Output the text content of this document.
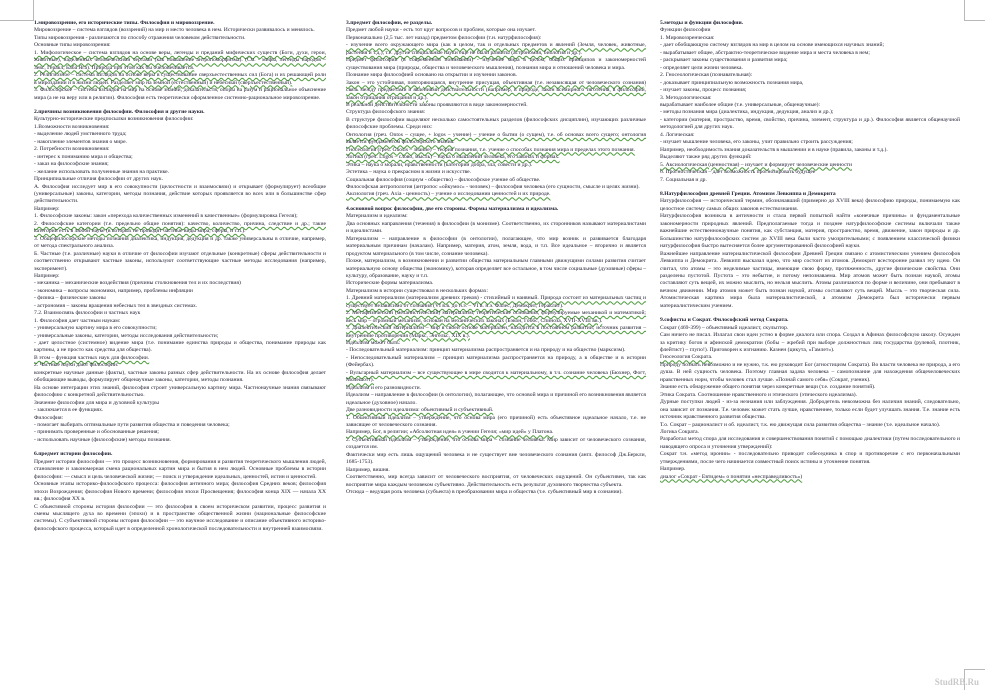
1.мировоззрение, его исторические типы. Философия и мировоззрение.

Мировоззрение – система взглядов (воззрений) на мир и место человека в нем. Исторически развивалось и менялось.

Типы мировоззрения - различаются по способу отражения человеком действительности.

Основные типы мировоззрения:

1. Мифологическое – система взглядов на основе веры, легенды и преданий мифических существ (Боги, духи, герои, животные), наделенных человеческими чертами (как повышение антропоморфизма). (См. - мифы, легенды народов – Зевс, Геракл, Баба Яга). Природа при этом как бы очеловечивается.

2. Религиозное – система взглядов на основе веры в существование сверхъестественных сил (Бога) и их решающей роли в мироздании и в жизни людей. Разделяет мир на земной (естественный) и небесный (сверхъестественный).

3. Философское – система взглядов на мир на основе знаний, доказательств, опоры на разум и рациональное объяснение мира (а не на веру или в религии). Философия есть теоретически оформленное системно-рациональное мировоззрение.

2.причины возникновения философии. Философия и другие науки.

Культурно-исторические предпосылки возникновения философии:

1.Возможности возникновения:

- выделение людей умственного труда;

- накопление элементов знания о мире.

2. Потребности возникновения:

- интерес к пониманию мира и общества;

- заказ на философские знания;

- желание использовать полученные знания на практике.

Принципиальные отличия философии от других наук.

А. Философия исследует мир в его совокупности (целостности и взаимосвязи) и открывает (формулирует) всеобщие (универсальные) законы, категории, методы познания, действие которых проявляется во всех или в большинстве сфер действительности.

Например:

1. Философские законы: закон «перехода количественных изменений в качественные» (формулировка Гегеля);

2. Философские категории (т.е. предельно общие понятия): качество, количество, причина, следствие и др.; такие категории есть в любой науке (в которых не проводят частные виды мира, сферы, и т.п.).

3. Общефилософские методы познания диалектика, индукция, дедукция и др. также универсальны в отличие, например, от метода спектрального анализа.

Б. Частные (т.е. различные) науки в отличие от философии изучают отдельные (конкретные) сферы действительности и соответственно открывают частные законы, используют соответствующие частные методы исследования (например, эксперимент).

Например:

- механика – механические воздействия (причины столкновения тел и их последствия)

- экономика – вопросы экономики, например, проблемы инфляции

- физика – физические законы

- астрономия – законы вращения небесных тел в звездных системах.

7.2. Взаимосвязь философии и частных наук

1. Философия дает частным наукам:

- универсальную картину мира в его совокупности;

- универсальные законы, категории, методы исследования действительности;

- дает целостное (системное) видение мира (т.е. понимание единства природы и общества, понимание природы как картины, а не просто как средства для общества).

В этом – функция частных наук для философии.

2. Частные науки дают философии:

конкретные научные данные (факты), частные законы разных сфер действительности. На их основе философия делает обобщающие выводы, формулирует общенаучные законы, категории, методы познания.

На основе интеграции этих знаний, философия строит универсальную картину мира. Частнонаучные знания связывают философию с конкретной действительностью.

Значение философии для мира и духовной культуры

- заключается в ее функциях.

Философия:

- помогает выбирать оптимальные пути развития общества и поведения человека;

- принимать проверенные и обоснованные решения;

- использовать научные (философские) методы познания.

6.предмет истории философии.

Предмет истории философии — это процесс возникновения, формирования и развития теоретического мышления людей, становление и закономерная смена рациональных картин мира и бытия в нем людей. Основные проблемы в истории философии: — смысл и цель человеческой жизни; — поиск и утверждение идеальных, ценностей, истин и ценностей.

Основные этапы историко-философского процесса: философия античного мира; философия Средних веков; философия эпохи Возрождения; философия Нового времени; философия эпохи Просвещения; философия конца XIX — начала XX вв.; философия XX в.

С объективной стороны история философии — это философия в своем историческом развитии, процесс развития и смены мыслящего духа во времени (эпохи) и в пространстве общественной жизни (национальные философские системы). С субъективной стороны история философии — это научное исследование и описание объективного историко-философского процесса, который идет в определенной хронологической последовательности и внутренней взаимосвязи.

3.предмет философии, ее разделы.

Предмет любой науки - есть тот круг вопросов и проблем, которые она изучает.

Первоначально (2,5 тыс. лет назад) предметом философии (т.н. натурфилософия):

- изучение всего окружающего мира (как в целом, так и отдельных предметов и явлений (Земля, человек, животные, растения и т.д.), т.е. другие специальные науки еще не были развиты (астрономия, биология и др.).

Предмет философии (в современном понимании) - изучение мира в целом, общих принципов и закономерностей существования мира (природы, общества и человеческого мышления), познания мира и отношений человека и мира.

Познание мира философией основано на открытии и изучении законов.

Закон – это устойчивая, повторяющаяся, внутренне присущая, объективная (т.е. независящая от человеческого сознания) связь между предметами и явлениями действительности (например, в природе, закон всемирного тяготения, в философии, закон отрицания отрицания и др.).

В реальной действительности законы проявляются в виде закономерностей.

Структура философского знания:

В структуре философии выделяют несколько самостоятельных разделов (философских дисциплин), изучающих различные философские проблемы. Среди них:

Онтология (греч. Ontos – сущее, + logos – учение) – учение о бытии (о сущем), т.е. об основах всего сущего; онтология является фундаментом философского знания.

Гносеология (греч. Gnosis – знание) – теория познания, т.е. учение о способах познания мира и пределах этого познания.

Логика (греч. Logos – слово, мысль) – наука о мышлении человека, его законах и формах.

Этика – наука о морали, нравственности (категории добра, зла, совести и др.).

Эстетика – наука о прекрасном в жизни и искусстве.

Социальная философия (социум - общество) – философское учение об обществе.

Философская антропология (антропос «ойкумос» - человек) – философия человека (его сущности, смысле и целях жизни).

Аксиология (греч. Axia - ценность) – учение о исследовании ценностей и их природе.

4.основной вопрос философии, две его стороны. Формы материализма и идеализма.

Материализм и идеализм:

Два основных направления (течения) в философии (в монизме). Соответственно, их сторонников называют материалистами и идеалистами.

Материализм – направление в философии (в онтологии), полагающее, что мир возник и развивается благодаря материальным причинам (началам). Например, материя, атом, земля, вода, и т.п. Все идеальное – вторично и является продуктом материального (в том числе, сознание человека).

Позже, материализм, в возникновении и развитии общества материальным главными движущими силами развития считает материальную основу общества (экономику), которая определяет все остальное, в том числе социальные (духовные) сферы – культуру, образование, науку и т.п.

Исторические формы материализма.

Материализм в истории существовал в нескольких формах:

1. Древний материализм (материализм древних греков) - стихийный и наивный. Природа состоит из материальных частиц и существует независимо от сознания (VI в.в. до н.э. – VI в. н.э. Фалес, Демокрит, Гераклит).

2. Метафизический (механистический) материализм; теоретические основания, формулируемые механикой и математикой; весь мир – огромный механизм, основан на механических законах (Бэкон, Гоббс, Спиноза, XVII-XVIII вв.).

3. Диалектический материализм – мир в своей основе материален, находится в постоянном развитии; источник развития – внутренние противоречия (Маркс, Энгельс, XIX в.).

Идеализм может быть:

- Последовательный материализм: принцип материализма распространяется и на природу и на общество (марксизм).

- Непоследовательный материализм – принцип материализма распространяется на природу, а в обществе и в истории (Фейербах).

- Вульгарный материализм – все существующее в мире сводится к материальному, в т.ч. сознание человека (Бюхнер, Фогт, Молешотт).

Идеализм и его разновидности.

Идеализм – направление в философии (в онтологии), полагающее, что основой мира и причиной его возникновения является идеальное (духовное) начало.

Две разновидности идеализма: объективный и субъективный.

1. Объективный идеализм – утверждение, что основа мира (его причиной) есть объективное идеальное начало, т.е. не зависящее от человеческого сознания.

Например, Бог, в религии; «Абсолютная идея» в учении Гегеля; «мир идей» у Платона.

2. Субъективный идеализм – утверждение, что основа мира – сознание человека. Мир зависит от человеческого сознания, создается им.

Фактически мир есть лишь ощущений человека и не существует вне человеческого сознания (англ. философ Дж.Беркли, 1685-1753).

Например, вишня.

Соответственно, мир всегда зависит от человеческого восприятия, от человеческих ощущений. Он субъективен, так как восприятие мира каждым человеком субъективно. Действительность есть результат духовного творчества субъекта.

Отсюда – ведущая роль человека (субъекта) в преобразовании мира и общества (т.е. субъективный мир в сознании).

5.методы и функции философии.

Функции философии

1. Мировоззренческая:

- дает обобщающую систему взглядов на мир в целом на основе имеющихся научных знаний;

- вырабатывает общее, абстрактно-теоретическое видение мира и места человека в нем;

- раскрывает законы существования и развития мира;

- определяет цели жизни человека.

2. Гносеологическая (познавательная):

- доказывает принципиальную возможность познания мира,

- изучает законы, процесс познания;

3. Методологическая:

вырабатывает наиболее общие (т.е. универсальные, общенаучные):

- методы познания мира (диалектика, индукция, дедукция, анализ и др.);

- категории (материя, простраство, время, свойство, причина, элемент, структура и др.). Философия является общенаучной методологией для других наук.

4. Логическая:

- изучает мышление человека, его законы, учит правильно строить рассуждения;

Например, необходимость знания доказательств в мышлении и в науке (правила, законы и т.д.).

Выделяют также ряд других функций:

5. Аксиологическая (ценностная) – изучает и формирует человеческие ценности

6. Прогностическая – дает возможность прогнозировать будущее

7. Социальная и др.

8.Натурфилософия древней Греции. Атомизм Левкиппа и Демокрита

Натурфилософия — исторический термин, обозначавший (примерно до XVIII века) философию природы, понимаемую как целостное систему самых общих законов естествознания.

Натурфилософия возникла в античности и стала первой попыткой найти «конечные причины» и фундаментальные закономерности природных явлений. Предполагаемые тогда и позднее натурфилософские системы включали также важнейшие естественнонаучные понятия, как субстанция, материя, пространство, время, движение, закон природы и др. Большинство натурфилософских систем до XVIII века были часто умозрительными; с появлением классической физики натурфилософия быстро вытесняется более аргументированной философией науки.

Важнейшее направление материалистической философии Древней Греции связано с атомистическим учением философов Левкиппа и Демокрита. Левкипп высказал идею, что мир состоит из атомов. Демокрит всесторонне развил эту идею. Он считал, что атомы – это неделимые частицы, имеющие свою форму, протяженность, другие физические свойства. Они разделены пустотой. Пустота – это небытие, и потому непознаваема. Мир атомов может быть познан наукой, атомы составляют суть вещей, их можно мыслить, но нельзя мыслить. Атомы различаются по форме и величине, они пребывают в вечном движении. Мир атомов может быть познан наукой, атомы составляют суть вещей. Мысль – это творческая сила. Атомистическая картина мира была материалистической, а атомизм Демокрита был исторически первым материалистическим учением.

9.софисты и Сократ. Философский метод Сократа.

Сократ (469-399) – объективный идеалист, скульптор.

Сам ничего не писал. Излагал свои идеи устно в форме диалога или спора. Создал в Афинах философскую школу. Осужден за критику богов и афинской демократии (бобы – жребий при выборе должностных лиц государства (рулевой, плотник, флейтист) – глупо!). Приговорен к изгнанию. Казнен (цикута, «Гамлет»).

Гносеология Сократа.

Природу познать невозможно и не нужно, т.к. ею руководит Бог (агностицизм Сократа). Во власти человека не природа, а его душа. В ней сущность человека. Поэтому главная задача человека – самопознание для нахождения общечеловеческих нравственных норм, чтобы человек стал лучше. «Познай самого себя» (Сократ, ученик).

Знание есть обнаружение общего понятия через конкретные вещи (т.е. создание понятий).

Этика Сократа. Соотношение нравственного и этического (этического идеализма).

Дурные поступки людей - из-за незнания или заблуждения. Добродетель невозможна без наличия знаний, следовательно, она зависит от познания. Т.е. человек может стать лучше, нравственнее, только если будет улучшать знания. Т.е. знание есть источник нравственного развития общества.

Т.о. Сократ – рационалист и об. идеалист, т.к. ею движущая сила развития общества – знание (т.е. идеальное начало).

Логика Сократа.

Разработал метод спора для исследования и совершенствования понятий с помощью диалектики (путем последовательного и наводящего опроса и уточнения утверждений):

Сократ т.н. «метод иронии» - последовательно приводит собеседника в спор и противоречие с его первоначальными утверждениями, после чего начинается совместный поиск истины и уточнение понятия.

Например.

диалог «Сократ - Евтидем» о понятии «несправедливость»)

StudRB.Ru
